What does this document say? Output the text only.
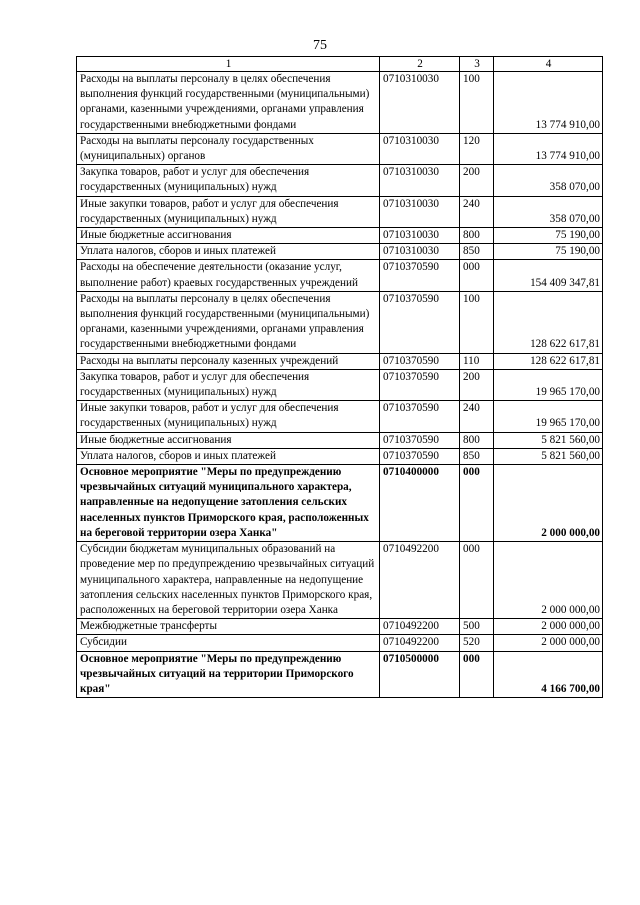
75
1	2	3	4
Расходы на выплаты персоналу в целях обеспечения выполнения функций государственными (муниципальными) органами, казенными учреждениями, органами управления государственными внебюджетными фондами	0710310030	100	13 774 910,00
Расходы на выплаты персоналу государственных (муниципальных) органов	0710310030	120	13 774 910,00
Закупка товаров, работ и услуг для обеспечения государственных (муниципальных) нужд	0710310030	200	358 070,00
Иные закупки товаров, работ и услуг для обеспечения государственных (муниципальных) нужд	0710310030	240	358 070,00
Иные бюджетные ассигнования	0710310030	800	75 190,00
Уплата налогов, сборов и иных платежей	0710310030	850	75 190,00
Расходы на обеспечение деятельности (оказание услуг, выполнение работ) краевых государственных учреждений	0710370590	000	154 409 347,81
Расходы на выплаты персоналу в целях обеспечения выполнения функций государственными (муниципальными) органами, казенными учреждениями, органами управления государственными внебюджетными фондами	0710370590	100	128 622 617,81
Расходы на выплаты персоналу казенных учреждений	0710370590	110	128 622 617,81
Закупка товаров, работ и услуг для обеспечения государственных (муниципальных) нужд	0710370590	200	19 965 170,00
Иные закупки товаров, работ и услуг для обеспечения государственных (муниципальных) нужд	0710370590	240	19 965 170,00
Иные бюджетные ассигнования	0710370590	800	5 821 560,00
Уплата налогов, сборов и иных платежей	0710370590	850	5 821 560,00
Основное мероприятие "Меры по предупреждению чрезвычайных ситуаций муниципального характера, направленные на недопущение затопления сельских населенных пунктов Приморского края, расположенных на береговой территории озера Ханка"	0710400000	000	2 000 000,00
Субсидии бюджетам муниципальных образований на проведение мер по предупреждению чрезвычайных ситуаций муниципального характера, направленные на недопущение затопления сельских населенных пунктов Приморского края, расположенных на береговой территории озера Ханка	0710492200	000	2 000 000,00
Межбюджетные трансферты	0710492200	500	2 000 000,00
Субсидии	0710492200	520	2 000 000,00
Основное мероприятие "Меры по предупреждению чрезвычайных ситуаций на территории Приморского края"	0710500000	000	4 166 700,00
